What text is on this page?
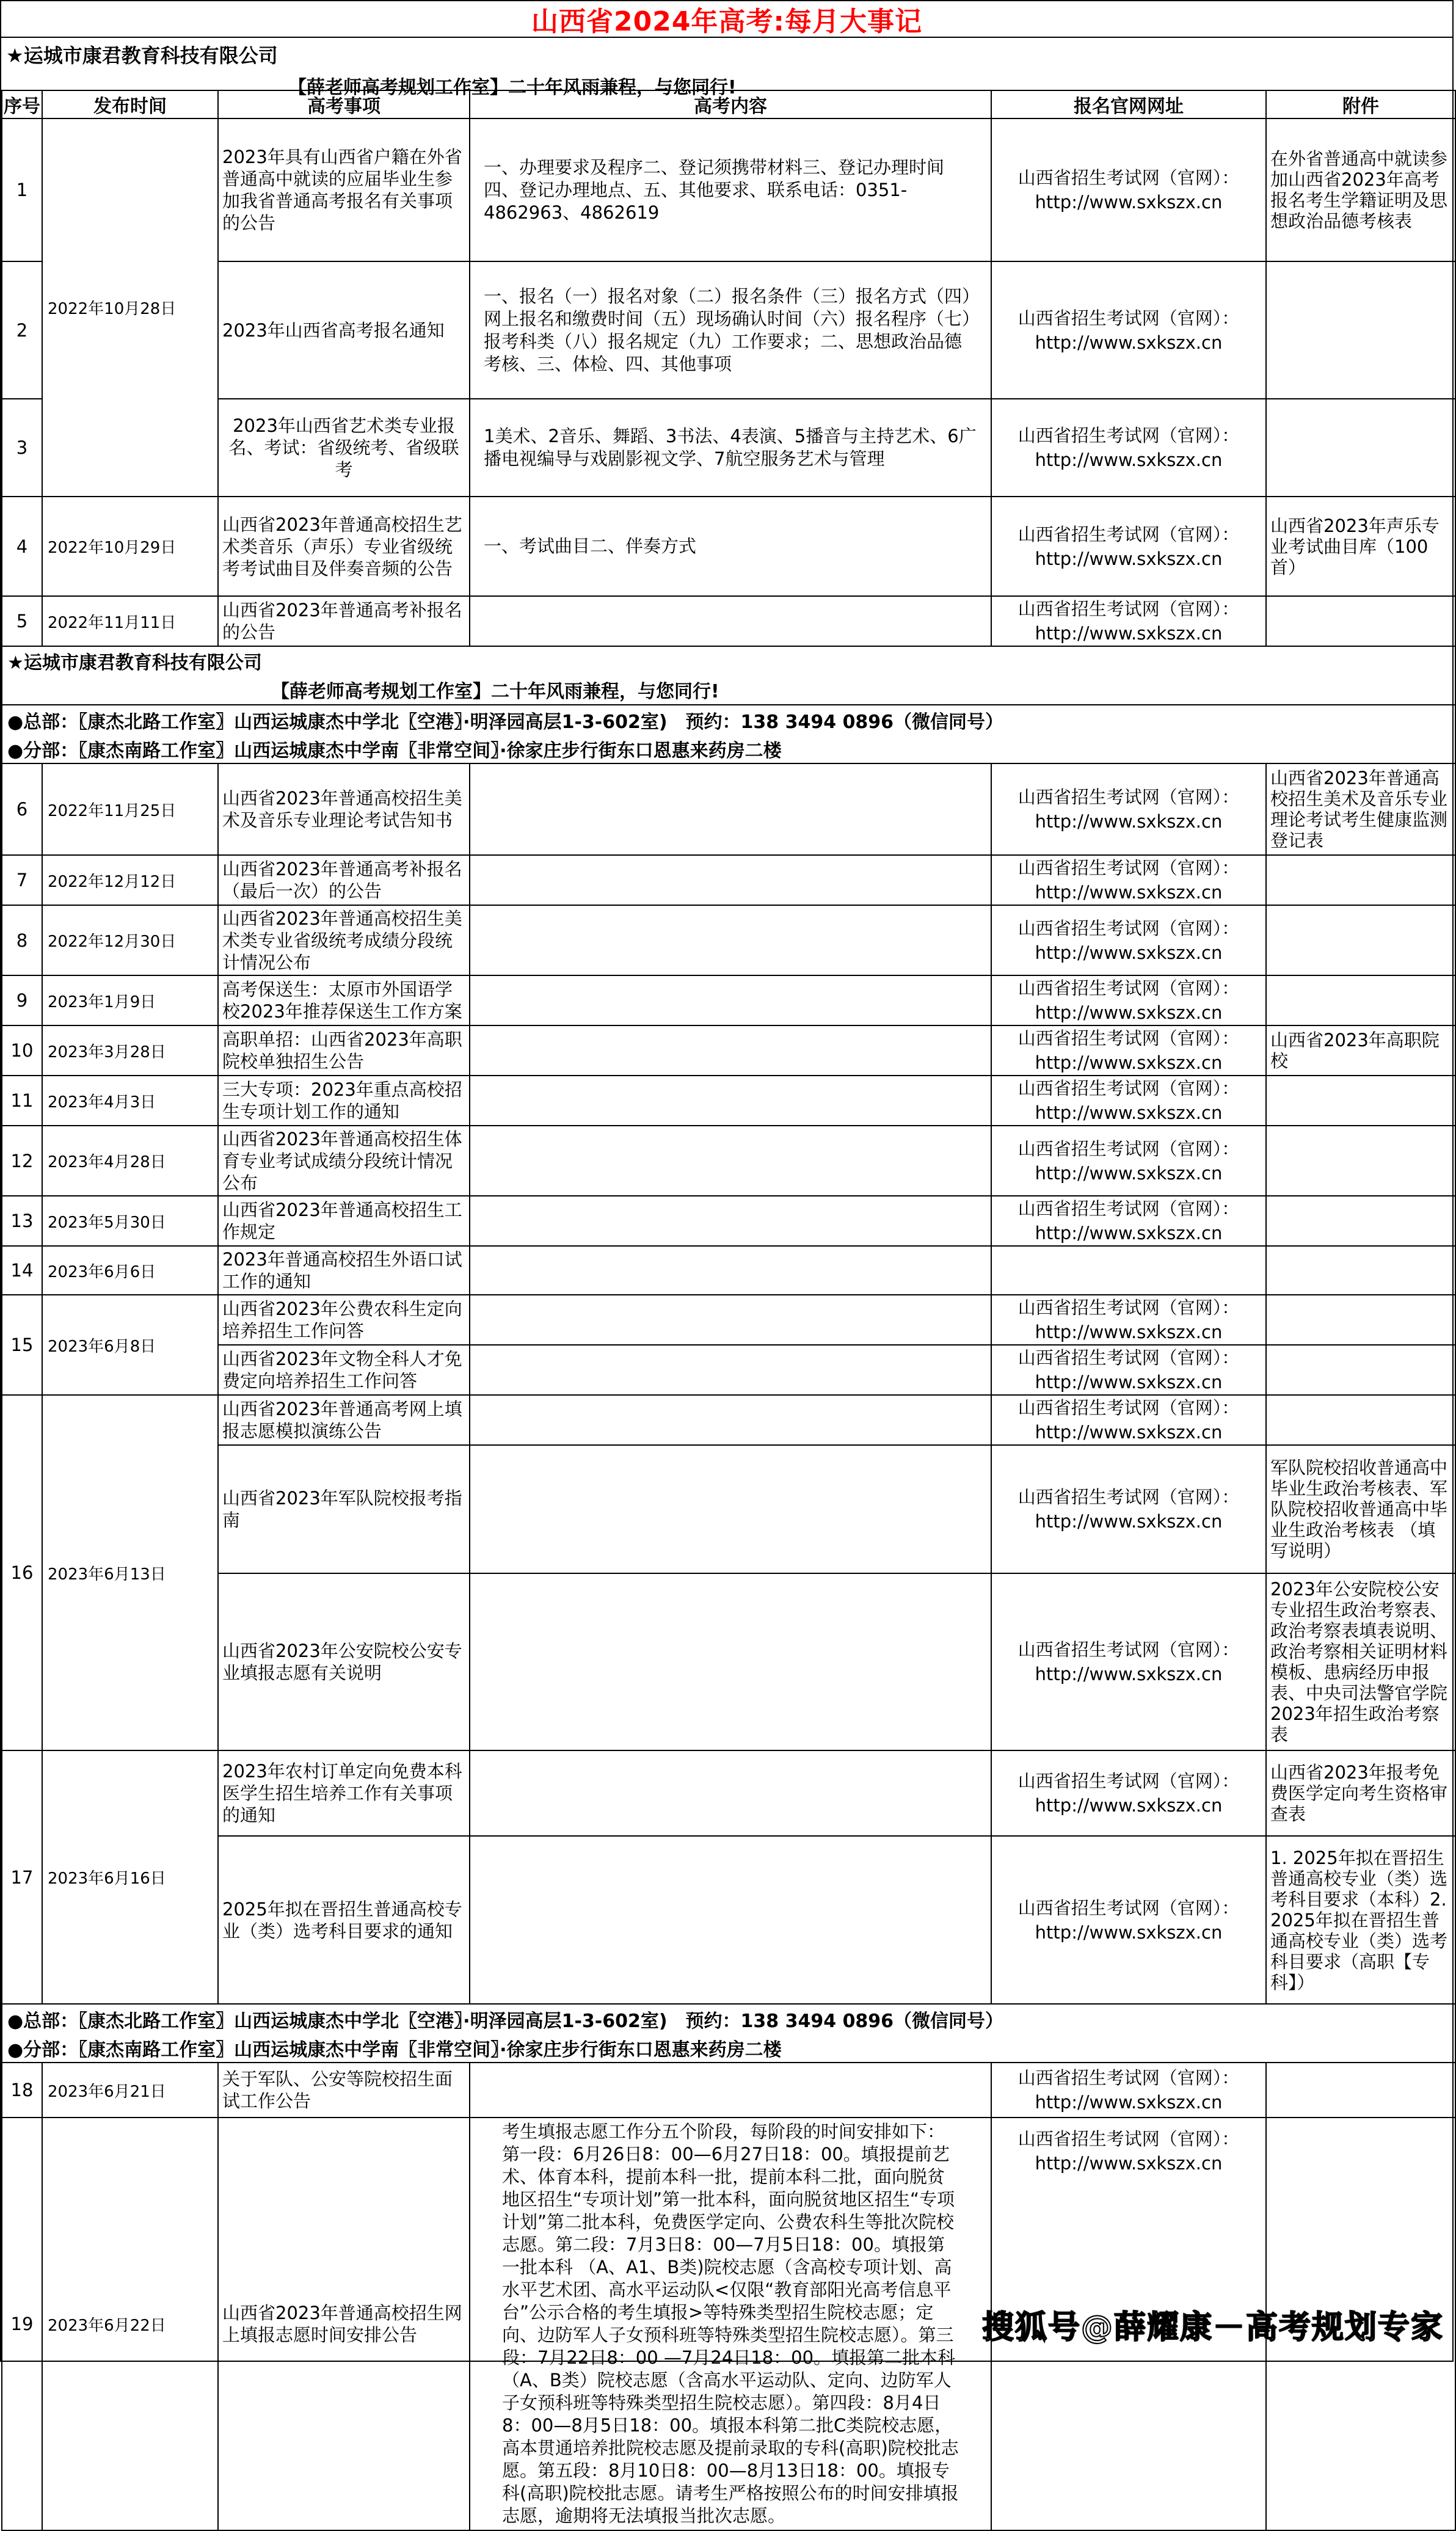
山西省2024年高考:每月大事记
★运城市康君教育科技有限公司
【薛老师高考规划工作室】二十年风雨兼程，与您同行!
序号	发布时间	高考事项	高考内容	报名官网网址	附件
1	2022年10月28日	2023年具有山西省户籍在外省普通高中就读的应届毕业生参加我省普通高考报名有关事项的公告	一、办理要求及程序二、登记须携带材料三、登记办理时间四、登记办理地点、五、其他要求、联系电话：0351-4862963、4862619	山西省招生考试网（官网）：
http://www.sxkszx.cn	在外省普通高中就读参加山西省2023年高考报名考生学籍证明及思想政治品德考核表
2		2023年山西省高考报名通知	一、报名（一）报名对象（二）报名条件（三）报名方式（四）网上报名和缴费时间（五）现场确认时间（六）报名程序（七）报考科类（八）报名规定（九）工作要求；二、思想政治品德考核、三、体检、四、其他事项	山西省招生考试网（官网）：
http://www.sxkszx.cn	

3		2023年山西省艺术类专业报名、考试：省级统考、省级联考	1美术、2音乐、舞蹈、3书法、4表演、5播音与主持艺术、6广播电视编导与戏剧影视文学、7航空服务艺术与管理	山西省招生考试网（官网）：
http://www.sxkszx.cn	

4	2022年10月29日	山西省2023年普通高校招生艺术类音乐（声乐）专业省级统考考试曲目及伴奏音频的公告	一、考试曲目二、伴奏方式	山西省招生考试网（官网）：
http://www.sxkszx.cn	山西省2023年声乐专业考试曲目库（100首）
5	2022年11月11日	山西省2023年普通高考补报名的公告		山西省招生考试网（官网）：
http://www.sxkszx.cn	

★运城市康君教育科技有限公司
【薛老师高考规划工作室】二十年风雨兼程，与您同行!
●总部：〖康杰北路工作室〗山西运城康杰中学北〖空港〗·明泽园高层1-3-602室)　预约：138 3494 0896（微信同号）
●分部：〖康杰南路工作室〗山西运城康杰中学南〖非常空间〗·徐家庄步行街东口恩惠来药房二楼					

6	2022年11月25日	山西省2023年普通高校招生美术及音乐专业理论考试告知书		山西省招生考试网（官网）：
http://www.sxkszx.cn	山西省2023年普通高校招生美术及音乐专业理论考试考生健康监测登记表
7	2022年12月12日	山西省2023年普通高考补报名（最后一次）的公告		山西省招生考试网（官网）：
http://www.sxkszx.cn	

8	2022年12月30日	山西省2023年普通高校招生美术类专业省级统考成绩分段统计情况公布		山西省招生考试网（官网）：
http://www.sxkszx.cn	

9	2023年1月9日	高考保送生：太原市外国语学校2023年推荐保送生工作方案		山西省招生考试网（官网）：
http://www.sxkszx.cn	

10	2023年3月28日	高职单招：山西省2023年高职院校单独招生公告		山西省招生考试网（官网）：
http://www.sxkszx.cn	山西省2023年高职院校
11	2023年4月3日	三大专项：2023年重点高校招生专项计划工作的通知		山西省招生考试网（官网）：
http://www.sxkszx.cn	

12	2023年4月28日	山西省2023年普通高校招生体育专业考试成绩分段统计情况公布		山西省招生考试网（官网）：
http://www.sxkszx.cn	

13	2023年5月30日	山西省2023年普通高校招生工作规定		山西省招生考试网（官网）：
http://www.sxkszx.cn	

14	2023年6月6日	2023年普通高校招生外语口试工作的通知			
15	2023年6月8日	山西省2023年公费农科生定向培养招生工作问答		山西省招生考试网（官网）：
http://www.sxkszx.cn	

		山西省2023年文物全科人才免费定向培养招生工作问答		山西省招生考试网（官网）：
http://www.sxkszx.cn	

16	2023年6月13日	山西省2023年普通高考网上填报志愿模拟演练公告		山西省招生考试网（官网）：
http://www.sxkszx.cn	

		山西省2023年军队院校报考指南		山西省招生考试网（官网）：
http://www.sxkszx.cn	军队院校招收普通高中毕业生政治考核表、军队院校招收普通高中毕业生政治考核表 （填写说明）
		山西省2023年公安院校公安专业填报志愿有关说明		山西省招生考试网（官网）：
http://www.sxkszx.cn	2023年公安院校公安专业招生政治考察表、政治考察表填表说明、政治考察相关证明材料模板、患病经历申报表、中央司法警官学院2023年招生政治考察表
17	2023年6月16日	2023年农村订单定向免费本科医学生招生培养工作有关事项的通知		山西省招生考试网（官网）：
http://www.sxkszx.cn	山西省2023年报考免费医学定向考生资格审查表
		2025年拟在晋招生普通高校专业（类）选考科目要求的通知		山西省招生考试网（官网）：
http://www.sxkszx.cn	1. 2025年拟在晋招生普通高校专业（类）选考科目要求（本科）2. 2025年拟在晋招生普通高校专业（类）选考科目要求（高职【专科】）

●总部：〖康杰北路工作室〗山西运城康杰中学北〖空港〗·明泽园高层1-3-602室)　预约：138 3494 0896（微信同号）
●分部：〖康杰南路工作室〗山西运城康杰中学南〖非常空间〗·徐家庄步行街东口恩惠来药房二楼					

18	2023年6月21日	关于军队、公安等院校招生面试工作公告		山西省招生考试网（官网）：
http://www.sxkszx.cn	

19	2023年6月22日	山西省2023年普通高校招生网上填报志愿时间安排公告	考生填报志愿工作分五个阶段，每阶段的时间安排如下：第一段：6月26日8：00—6月27日18：00。填报提前艺术、体育本科，提前本科一批，提前本科二批，面向脱贫地区招生“专项计划”第一批本科，面向脱贫地区招生“专项计划”第二批本科，免费医学定向、公费农科生等批次院校志愿。第二段：7月3日8：00—7月5日18：00。填报第一批本科 （A、A1、B类)院校志愿（含高校专项计划、高水平艺术团、高水平运动队<仅限“教育部阳光高考信息平台”公示合格的考生填报>等特殊类型招生院校志愿；定向、边防军人子女预科班等特殊类型招生院校志愿）。第三段：7月22日8：00 —7月24日18：00。填报第二批本科（A、B类）院校志愿（含高水平运动队、定向、边防军人子女预科班等特殊类型招生院校志愿）。第四段：8月4日8：00—8月5日18：00。填报本科第二批C类院校志愿，高本贯通培养批院校志愿及提前录取的专科(高职)院校批志愿。第五段：8月10日8：00—8月13日18：00。填报专科(高职)院校批志愿。请考生严格按照公布的时间安排填报志愿，逾期将无法填报当批次志愿。	山西省招生考试网（官网）：
http://www.sxkszx.cn	

搜狐号@薛耀康－高考规划专家
